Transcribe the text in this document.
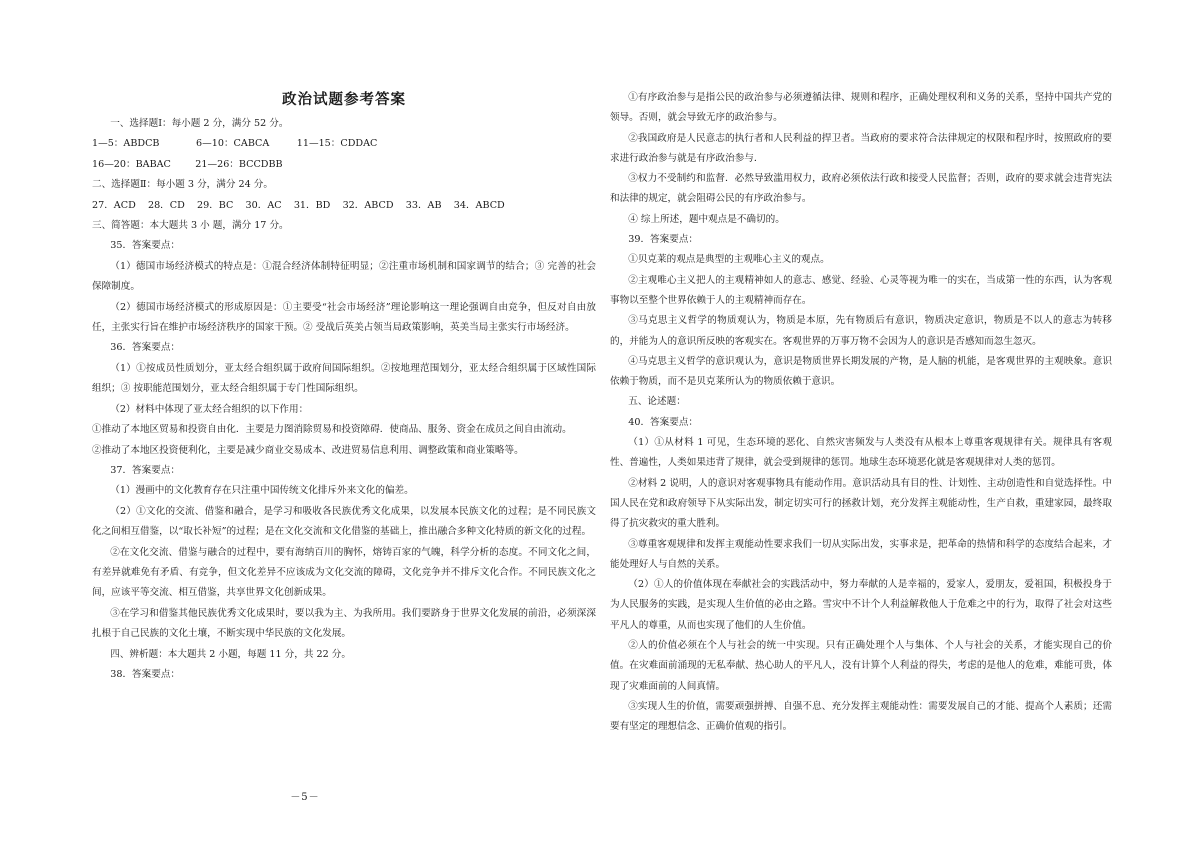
政治试题参考答案

一、选择题Ⅰ：每小题 2 分，满分 52 分。

1—5：ABDCB            6—10：CABCA         11—15：CDDAC

16—20：BABAC        21—26：BCCDBB

二、选择题Ⅱ：每小题 3 分，满分 24 分。

27．ACD    28．CD    29．BC    30．AC    31．BD    32．ABCD    33．AB    34．ABCD

三、简答题：本大题共 3 小 题，满分 17 分。

35．答案要点：

（1）德国市场经济模式的特点是：①混合经济体制特征明显；②注重市场机制和国家调节的结合；③ 完善的社会保障制度。

（2）德国市场经济模式的形成原因是：①主要受“社会市场经济”理论影响这一理论强调自由竞争，但反对自由放任，主张实行旨在维护市场经济秩序的国家干预。② 受战后英美占领当局政策影响，英美当局主张实行市场经济。

36．答案要点：

（1）①按成员性质划分，亚太经合组织属于政府间国际组织。②按地理范围划分，亚太经合组织属于区域性国际组织；③ 按职能范围划分，亚太经合组织属于专门性国际组织。

（2）材料中体现了亚太经合组织的以下作用：

①推动了本地区贸易和投资自由化．主要是力图消除贸易和投资障碍．使商品、服务、资金在成员之间自由流动。

②推动了本地区投资便利化，主要是减少商业交易成本、改进贸易信息利用、调整政策和商业策略等。

37．答案要点：

（1）漫画中的文化教育存在只注重中国传统文化排斥外来文化的偏差。

（2）①文化的交流、借鉴和融合，是学习和吸收各民族优秀文化成果，以发展本民族文化的过程；是不同民族文化之间相互借鉴，以“取长补短”的过程；是在文化交流和文化借鉴的基础上，推出融合多种文化特质的新文化的过程。

②在文化交流、借鉴与融合的过程中，要有海纳百川的胸怀，熔铸百家的气魄，科学分析的态度。不同文化之间，有差异就难免有矛盾、有竞争，但文化差异不应该成为文化交流的障碍，文化竞争并不排斥文化合作。不同民族文化之间，应该平等交流、相互借鉴，共享世界文化创新成果。

③在学习和借鉴其他民族优秀文化成果时，要以我为主、为我所用。我们要跻身于世界文化发展的前沿，必须深深扎根于自己民族的文化土壤，不断实现中华民族的文化发展。

四、辨析题：本大题共 2 小题，每题 11 分，共 22 分。

38．答案要点：

①有序政治参与是指公民的政治参与必须遵循法律、规则和程序，正确处理权利和义务的关系，坚持中国共产党的领导。否则，就会导致无序的政治参与。

②我国政府是人民意志的执行者和人民利益的捍卫者。当政府的要求符合法律规定的权限和程序时，按照政府的要求进行政治参与就是有序政治参与．

③权力不受制约和监督．必然导致滥用权力，政府必须依法行政和接受人民监督；否则，政府的要求就会违背宪法和法律的规定，就会阻碍公民的有序政治参与。

④ 综上所述，题中观点是不确切的。

39．答案要点：

①贝克莱的观点是典型的主观唯心主义的观点。

②主观唯心主义把人的主观精神如人的意志、感觉、经验、心灵等视为唯一的实在，当成第一性的东西，认为客观事物以至整个世界依赖于人的主观精神而存在。

③马克思主义哲学的物质观认为，物质是本原，先有物质后有意识，物质决定意识，物质是不以人的意志为转移的，并能为人的意识所反映的客观实在。客观世界的万事万物不会因为人的意识是否感知而忽生忽灭。

④马克思主义哲学的意识观认为，意识是物质世界长期发展的产物，是人脑的机能，是客观世界的主观映象。意识依赖于物质，而不是贝克莱所认为的物质依赖于意识。

五、论述题：

40．答案要点：

（1）①从材料 1 可见，生态环境的恶化、自然灾害频发与人类没有从根本上尊重客观规律有关。规律具有客观性、普遍性，人类如果违背了规律，就会受到规律的惩罚。地球生态环境恶化就是客观规律对人类的惩罚。

②材料 2 说明，人的意识对客观事物具有能动作用。意识活动具有目的性、计划性、主动创造性和自觉选择性。中国人民在党和政府领导下从实际出发，制定切实可行的拯救计划，充分发挥主观能动性，生产自救，重建家园，最终取得了抗灾救灾的重大胜利。

③尊重客观规律和发挥主观能动性要求我们一切从实际出发，实事求是，把革命的热情和科学的态度结合起来，才能处理好人与自然的关系。

（2）①人的价值体现在奉献社会的实践活动中，努力奉献的人是幸福的，爱家人，爱朋友，爱祖国，积极投身于为人民服务的实践，是实现人生价值的必由之路。雪灾中不计个人利益解救他人于危难之中的行为，取得了社会对这些平凡人的尊重，从而也实现了他们的人生价值。

②人的价值必须在个人与社会的统一中实现。只有正确处理个人与集体、个人与社会的关系，才能实现自己的价值。在灾难面前涌现的无私奉献、热心助人的平凡人，没有计算个人利益的得失，考虑的是他人的危难，难能可贵，体现了灾难面前的人间真情。

③实现人生的价值，需要顽强拼搏、自强不息、充分发挥主观能动性：需要发展自己的才能、提高个人素质；还需要有坚定的理想信念、正确价值观的指引。

－5－
